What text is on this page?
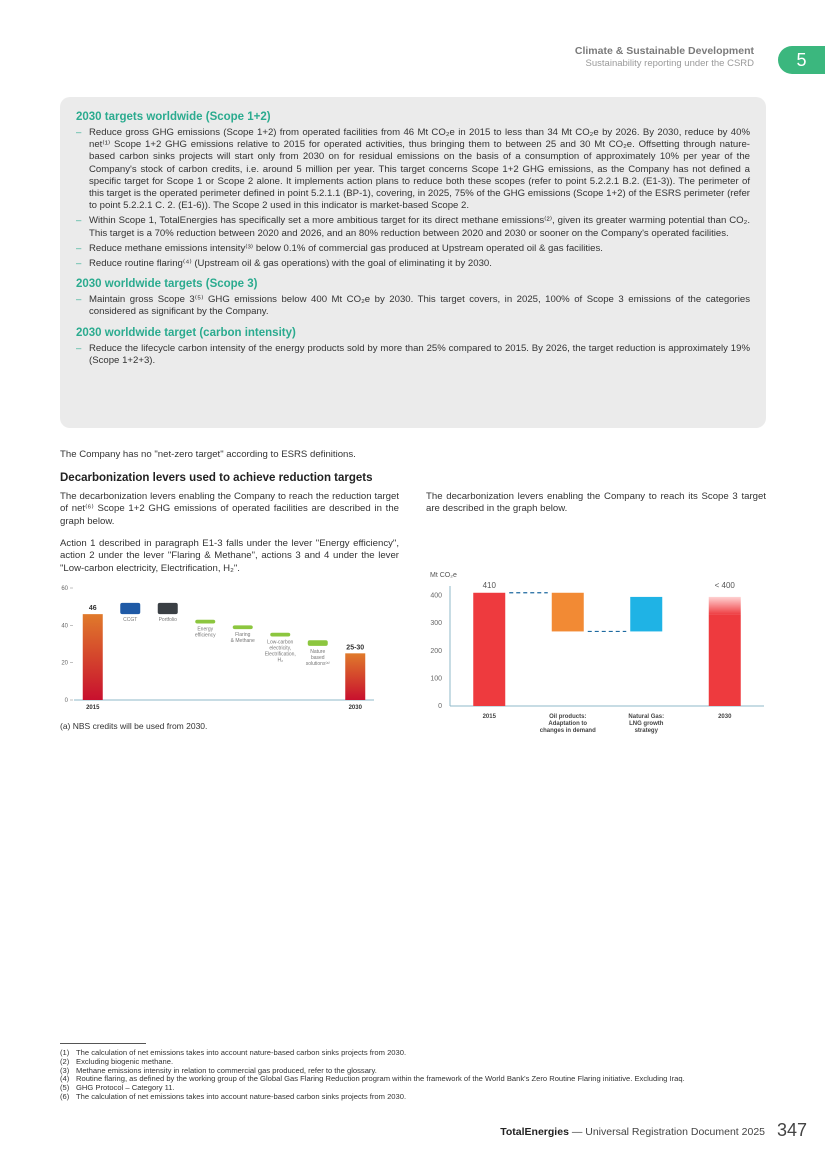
Climate & Sustainable Development
Sustainability reporting under the CSRD	5
2030 targets worldwide (Scope 1+2)
– Reduce gross GHG emissions (Scope 1+2) from operated facilities from 46 Mt CO₂e in 2015 to less than 34 Mt CO₂e by 2026. By 2030, reduce by 40% net⁽¹⁾ Scope 1+2 GHG emissions relative to 2015 for operated activities, thus bringing them to between 25 and 30 Mt CO₂e. Offsetting through nature-based carbon sinks projects will start only from 2030 on for residual emissions on the basis of a consumption of approximately 10% per year of the Company's stock of carbon credits, i.e. around 5 million per year. This target concerns Scope 1+2 GHG emissions, as the Company has not defined a specific target for Scope 1 or Scope 2 alone. It implements action plans to reduce both these scopes (refer to point 5.2.2.1 B.2. (E1-3)). The perimeter of this target is the operated perimeter defined in point 5.2.1.1 (BP-1), covering, in 2025, 75% of the GHG emissions (Scope 1+2) of the ESRS perimeter (refer to point 5.2.2.1 C. 2. (E1-6)). The Scope 2 used in this indicator is market-based Scope 2.
– Within Scope 1, TotalEnergies has specifically set a more ambitious target for its direct methane emissions⁽²⁾, given its greater warming potential than CO₂. This target is a 70% reduction between 2020 and 2026, and an 80% reduction between 2020 and 2030 or sooner on the Company's operated facilities.
– Reduce methane emissions intensity⁽³⁾ below 0.1% of commercial gas produced at Upstream operated oil & gas facilities.
– Reduce routine flaring⁽⁴⁾ (Upstream oil & gas operations) with the goal of eliminating it by 2030.
2030 worldwide targets (Scope 3)
– Maintain gross Scope 3⁽⁵⁾ GHG emissions below 400 Mt CO₂e by 2030. This target covers, in 2025, 100% of Scope 3 emissions of the categories considered as significant by the Company.
2030 worldwide target (carbon intensity)
– Reduce the lifecycle carbon intensity of the energy products sold by more than 25% compared to 2015. By 2026, the target reduction is approximately 19% (Scope 1+2+3).
The Company has no "net-zero target" according to ESRS definitions.
Decarbonization levers used to achieve reduction targets
The decarbonization levers enabling the Company to reach the reduction target of net⁽⁶⁾ Scope 1+2 GHG emissions of operated facilities are described in the graph below.
Action 1 described in paragraph E1-3 falls under the lever "Energy efficiency", action 2 under the lever "Flaring & Methane", actions 3 and 4 under the lever "Low-carbon electricity, Electrification, H₂".
The decarbonization levers enabling the Company to reach its Scope 3 target are described in the graph below.
0
20
40
60
46
2015
CCGT	Portfolio
Energy efficiency	Flaring & Methane	Low-carbon electricity, Electrification, H₂
Nature based solutions⁽ᵃ⁾
25-30
2030
(a) NBS credits will be used from 2030.
Mt CO₂e
0
100
200
300
400
410
2015	Oil products: Adaptation to changes in demand
Natural Gas: LNG growth strategy
< 400
2030
(1) The calculation of net emissions takes into account nature-based carbon sinks projects from 2030.
(2) Excluding biogenic methane.
(3) Methane emissions intensity in relation to commercial gas produced, refer to the glossary.
(4) Routine flaring, as defined by the working group of the Global Gas Flaring Reduction program within the framework of the World Bank's Zero Routine Flaring initiative. Excluding Iraq.
(5) GHG Protocol – Category 11.
(6) The calculation of net emissions takes into account nature-based carbon sinks projects from 2030.
TotalEnergies — Universal Registration Document 2025 347
